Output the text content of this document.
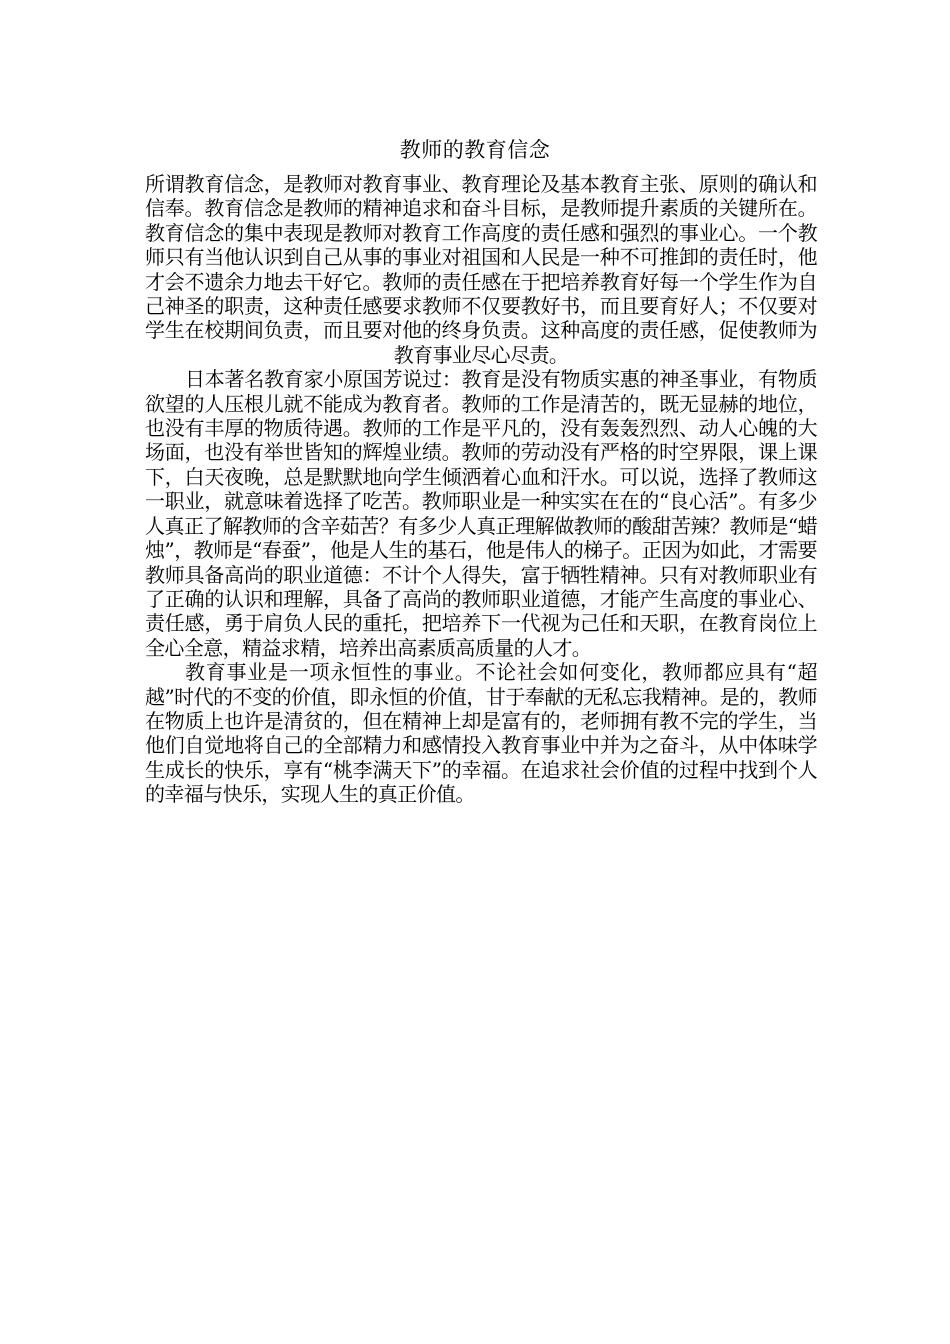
教师的教育信念

所谓教育信念，是教师对教育事业、教育理论及基本教育主张、原则的确认和信奉。教育信念是教师的精神追求和奋斗目标，是教师提升素质的关键所在。教育信念的集中表现是教师对教育工作高度的责任感和强烈的事业心。一个教师只有当他认识到自己从事的事业对祖国和人民是一种不可推卸的责任时，他才会不遗余力地去干好它。教师的责任感在于把培养教育好每一个学生作为自己神圣的职责，这种责任感要求教师不仅要教好书，而且要育好人；不仅要对学生在校期间负责，而且要对他的终身负责。这种高度的责任感，促使教师为教育事业尽心尽责。

日本著名教育家小原国芳说过：教育是没有物质实惠的神圣事业，有物质欲望的人压根儿就不能成为教育者。教师的工作是清苦的，既无显赫的地位，也没有丰厚的物质待遇。教师的工作是平凡的，没有轰轰烈烈、动人心魄的大场面，也没有举世皆知的辉煌业绩。教师的劳动没有严格的时空界限，课上课下，白天夜晚，总是默默地向学生倾洒着心血和汗水。可以说，选择了教师这一职业，就意味着选择了吃苦。教师职业是一种实实在在的“良心活”。有多少人真正了解教师的含辛茹苦？有多少人真正理解做教师的酸甜苦辣？教师是“蜡烛”，教师是“春蚕”，他是人生的基石，他是伟人的梯子。正因为如此，才需要教师具备高尚的职业道德：不计个人得失，富于牺牲精神。只有对教师职业有了正确的认识和理解，具备了高尚的教师职业道德，才能产生高度的事业心、责任感，勇于肩负人民的重托，把培养下一代视为己任和天职，在教育岗位上全心全意，精益求精，培养出高素质高质量的人才。

教育事业是一项永恒性的事业。不论社会如何变化，教师都应具有“超越”时代的不变的价值，即永恒的价值，甘于奉献的无私忘我精神。是的，教师在物质上也许是清贫的，但在精神上却是富有的，老师拥有教不完的学生，当他们自觉地将自己的全部精力和感情投入教育事业中并为之奋斗，从中体味学生成长的快乐，享有“桃李满天下”的幸福。在追求社会价值的过程中找到个人的幸福与快乐，实现人生的真正价值。
